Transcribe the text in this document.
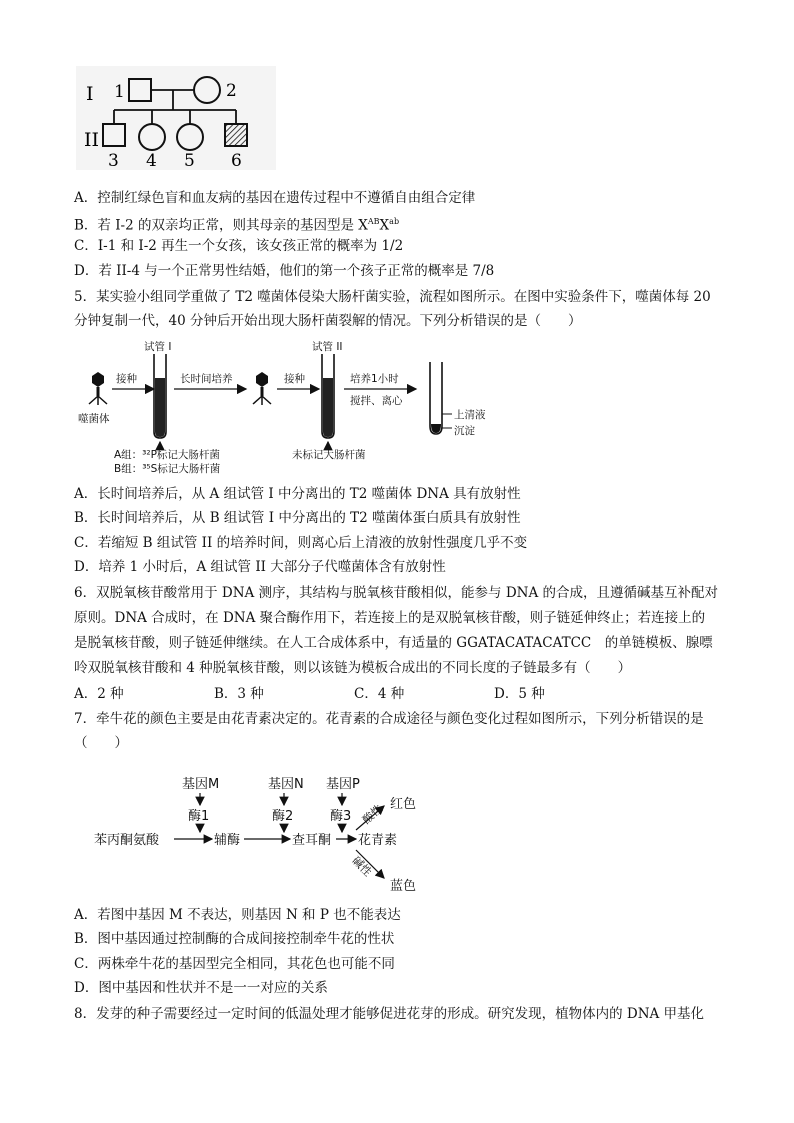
I 1	2
II
3 4 5 6
A．控制红绿色盲和血友病的基因在遗传过程中不遵循自由组合定律
B．若 I-2 的双亲均正常，则其母亲的基因型是 $X^{AB}X^{ab}$
C．I-1 和 I-2 再生一个女孩，该女孩正常的概率为 1/2
D．若 II-4 与一个正常男性结婚，他们的第一个孩子正常的概率是 7/8
5．某实验小组同学重做了 T2 噬菌体侵染大肠杆菌实验，流程如图所示。在图中实验条件下，噬菌体每 20
分钟复制一代，40 分钟后开始出现大肠杆菌裂解的情况。下列分析错误的是（　　）
噬菌体
接种
试管 I
A组：³²P标记大肠杆菌
B组：³⁵S标记大肠杆菌
长时间培养	接种
试管 II
未标记大肠杆菌
培养1小时
搅拌、离心
上清液
沉淀
A．长时间培养后，从 A 组试管 I 中分离出的 T2 噬菌体 DNA 具有放射性
B．长时间培养后，从 B 组试管 I 中分离出的 T2 噬菌体蛋白质具有放射性
C．若缩短 B 组试管 II 的培养时间，则离心后上清液的放射性强度几乎不变
D．培养 1 小时后，A 组试管 II 大部分子代噬菌体含有放射性
6．双脱氧核苷酸常用于 DNA 测序，其结构与脱氧核苷酸相似，能参与 DNA 的合成，且遵循碱基互补配对
原则。DNA 合成时，在 DNA 聚合酶作用下，若连接上的是双脱氧核苷酸，则子链延伸终止；若连接上的
是脱氧核苷酸，则子链延伸继续。在人工合成体系中，有适量的 GGATACATACATCC　的单链模板、腺嘌
呤双脱氧核苷酸和 4 种脱氧核苷酸，则以该链为模板合成出的不同长度的子链最多有（　　）
A．2 种	B．3 种	C．4 种	D．5 种
7．牵牛花的颜色主要是由花青素决定的。花青素的合成途径与颜色变化过程如图所示，下列分析错误的是
（　　）
基因M	基因N 基因P
酶1	酶2	酶3
苯丙酮氨酸	辅酶	查耳酮 花青素
酸性 红色
碱性
蓝色
A．若图中基因 M 不表达，则基因 N 和 P 也不能表达
B．图中基因通过控制酶的合成间接控制牵牛花的性状
C．两株牵牛花的基因型完全相同，其花色也可能不同
D．图中基因和性状并不是一一对应的关系
8．发芽的种子需要经过一定时间的低温处理才能够促进花芽的形成。研究发现，植物体内的 DNA 甲基化
